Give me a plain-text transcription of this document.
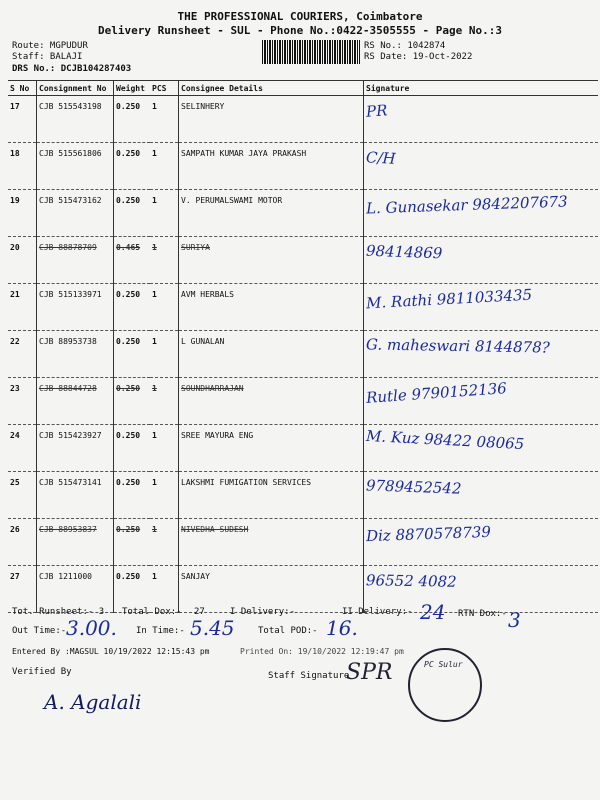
THE PROFESSIONAL COURIERS, Coimbatore
Delivery Runsheet - SUL - Phone No.:0422-3505555 - Page No.:3
Route: MGPUDUR
Staff: BALAJI
DRS No.: DCJB104287403
RS No.: 1042874
RS Date: 19-Oct-2022
S No	Consignment No	Weight	PCS	Consignee Details	Signature
17	CJB 515543198	0.250	1	SELINHERY	PR
18	CJB 515561806	0.250	1	SAMPATH KUMAR JAYA PRAKASH	C/H
19	CJB 515473162	0.250	1	V. PERUMALSWAMI MOTOR	L. Gunasekar 9842207673
20	CJB 88878709	0.465	1	SURIYA	98414869
21	CJB 515133971	0.250	1	AVM HERBALS	M. Rathi 9811033435
22	CJB 88953738	0.250	1	L GUNALAN	G. maheswari 8144878?
23	CJB 88844728	0.250	1	SOUNDHARRAJAN	Rutle 9790152136
24	CJB 515423927	0.250	1	SREE MAYURA ENG	M. Kuz 98422 08065
25	CJB 515473141	0.250	1	LAKSHMI FUMIGATION SERVICES	9789452542
26	CJB 88953837	0.250	1	NIVEDHA SUDESH	Diz 8870578739
27	CJB 1211000	0.250	1	SANJAY	96552 4082
Tot. Runsheet:- 3 Total Dox:- 27	I Delivery:-	II Delivery:- 24 RTN Dox:- 3
Out Time:- 3.00. In Time:- 5.45	Total POD:- 16.
Entered By :MAGSUL 10/19/2022 12:15:43 pm	Printed On: 19/10/2022 12:19:47 pm
Verified By
A. Agalali
Staff Signature
SPR	PC Sulur
